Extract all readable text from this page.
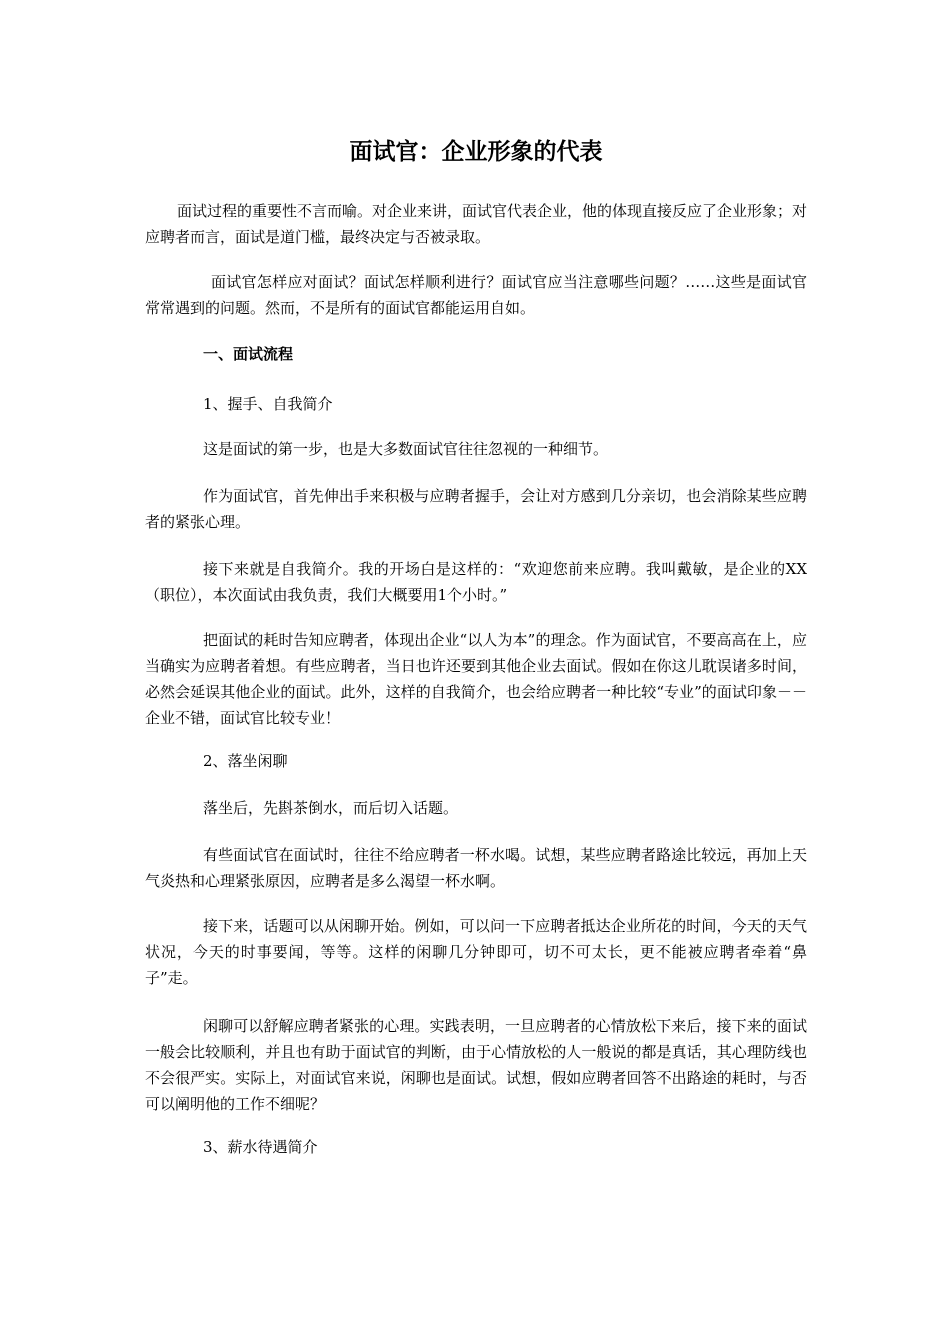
面试官：企业形象的代表

面试过程的重要性不言而喻。对企业来讲，面试官代表企业，他的体现直接反应了企业形象；对应聘者而言，面试是道门槛，最终决定与否被录取。

面试官怎样应对面试？面试怎样顺利进行？面试官应当注意哪些问题？……这些是面试官常常遇到的问题。然而，不是所有的面试官都能运用自如。

一、面试流程

1、握手、自我简介

这是面试的第一步，也是大多数面试官往往忽视的一种细节。

作为面试官，首先伸出手来积极与应聘者握手，会让对方感到几分亲切，也会消除某些应聘者的紧张心理。

接下来就是自我简介。我的开场白是这样的：“欢迎您前来应聘。我叫戴敏，是企业的XX（职位），本次面试由我负责，我们大概要用1个小时。”

把面试的耗时告知应聘者，体现出企业“以人为本”的理念。作为面试官，不要高高在上，应当确实为应聘者着想。有些应聘者，当日也许还要到其他企业去面试。假如在你这儿耽误诸多时间，必然会延误其他企业的面试。此外，这样的自我简介，也会给应聘者一种比较“专业”的面试印象－－企业不错，面试官比较专业！

2、落坐闲聊

落坐后，先斟茶倒水，而后切入话题。

有些面试官在面试时，往往不给应聘者一杯水喝。试想，某些应聘者路途比较远，再加上天气炎热和心理紧张原因，应聘者是多么渴望一杯水啊。

接下来，话题可以从闲聊开始。例如，可以问一下应聘者抵达企业所花的时间，今天的天气状况，今天的时事要闻，等等。这样的闲聊几分钟即可，切不可太长，更不能被应聘者牵着“鼻子”走。

闲聊可以舒解应聘者紧张的心理。实践表明，一旦应聘者的心情放松下来后，接下来的面试一般会比较顺利，并且也有助于面试官的判断，由于心情放松的人一般说的都是真话，其心理防线也不会很严实。实际上，对面试官来说，闲聊也是面试。试想，假如应聘者回答不出路途的耗时，与否可以阐明他的工作不细呢？

3、薪水待遇简介
